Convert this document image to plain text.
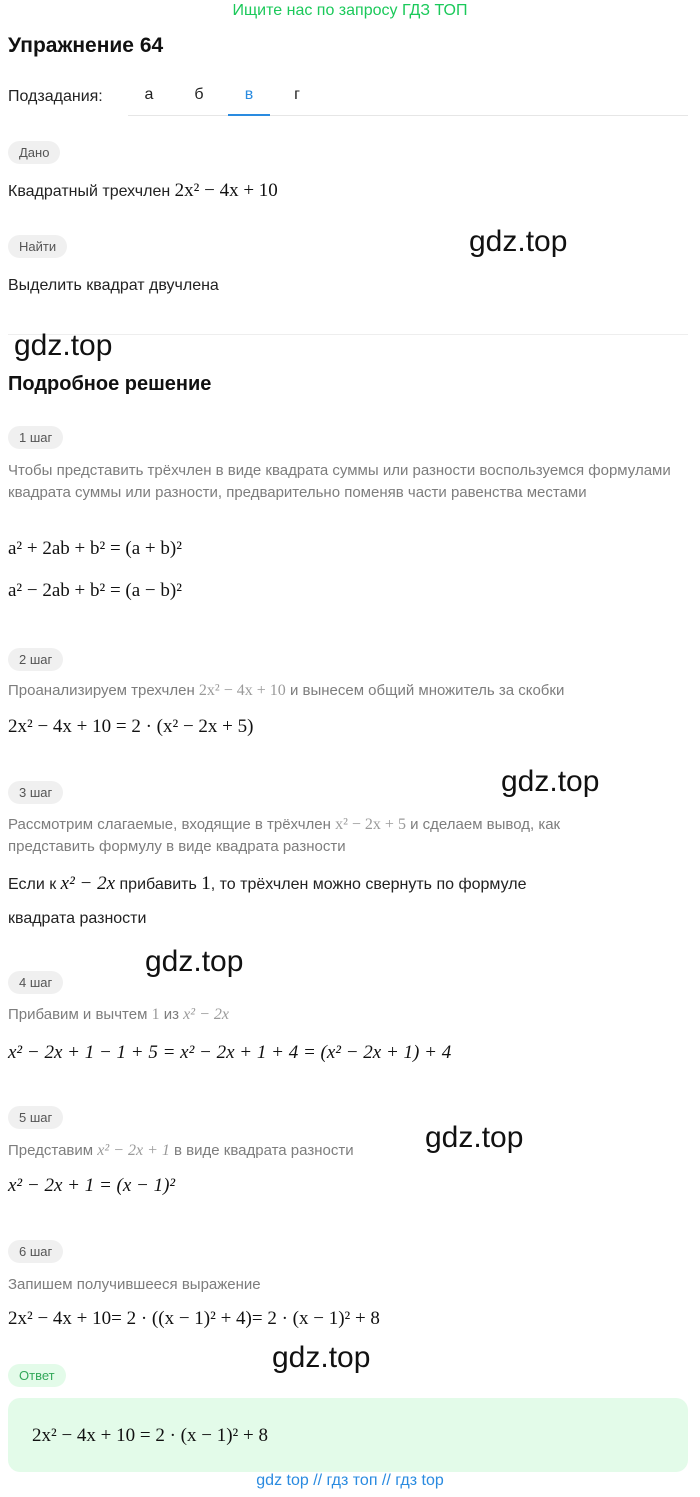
Ищите нас по запросу ГДЗ ТОП
Упражнение 64
Подзадания:	а	б	в	г
Дано
Квадратный трехчлен 2x² − 4x + 10
Найти
Выделить квадрат двучлена
Подробное решение
1 шаг
Чтобы представить трёхчлен в виде квадрата суммы или разности воспользуемся формулами квадрата суммы или разности, предварительно поменяв части равенства местами
a² + 2ab + b² = (a + b)²
a² − 2ab + b² = (a − b)²
2 шаг
Проанализируем трехчлен 2x² − 4x + 10 и вынесем общий множитель за скобки
2x² − 4x + 10 = 2 · (x² − 2x + 5)
3 шаг
Рассмотрим слагаемые, входящие в трёхчлен x² − 2x + 5 и сделаем вывод, как
представить формулу в виде квадрата разности
Если к x² − 2x прибавить 1, то трёхчлен можно свернуть по формуле
квадрата разности
4 шаг
Прибавим и вычтем 1 из x² − 2x
x² − 2x + 1 − 1 + 5 = x² − 2x + 1 + 4 = (x² − 2x + 1) + 4
5 шаг
Представим x² − 2x + 1 в виде квадрата разности
x² − 2x + 1 = (x − 1)²
6 шаг
Запишем получившееся выражение
2x² − 4x + 10= 2 · ((x − 1)² + 4)= 2 · (x − 1)² + 8
Ответ
2x² − 4x + 10 = 2 · (x − 1)² + 8
gdz.top
gdz.top
gdz.top
gdz.top
gdz.top
gdz.top
gdz top // гдз топ // гдз top
